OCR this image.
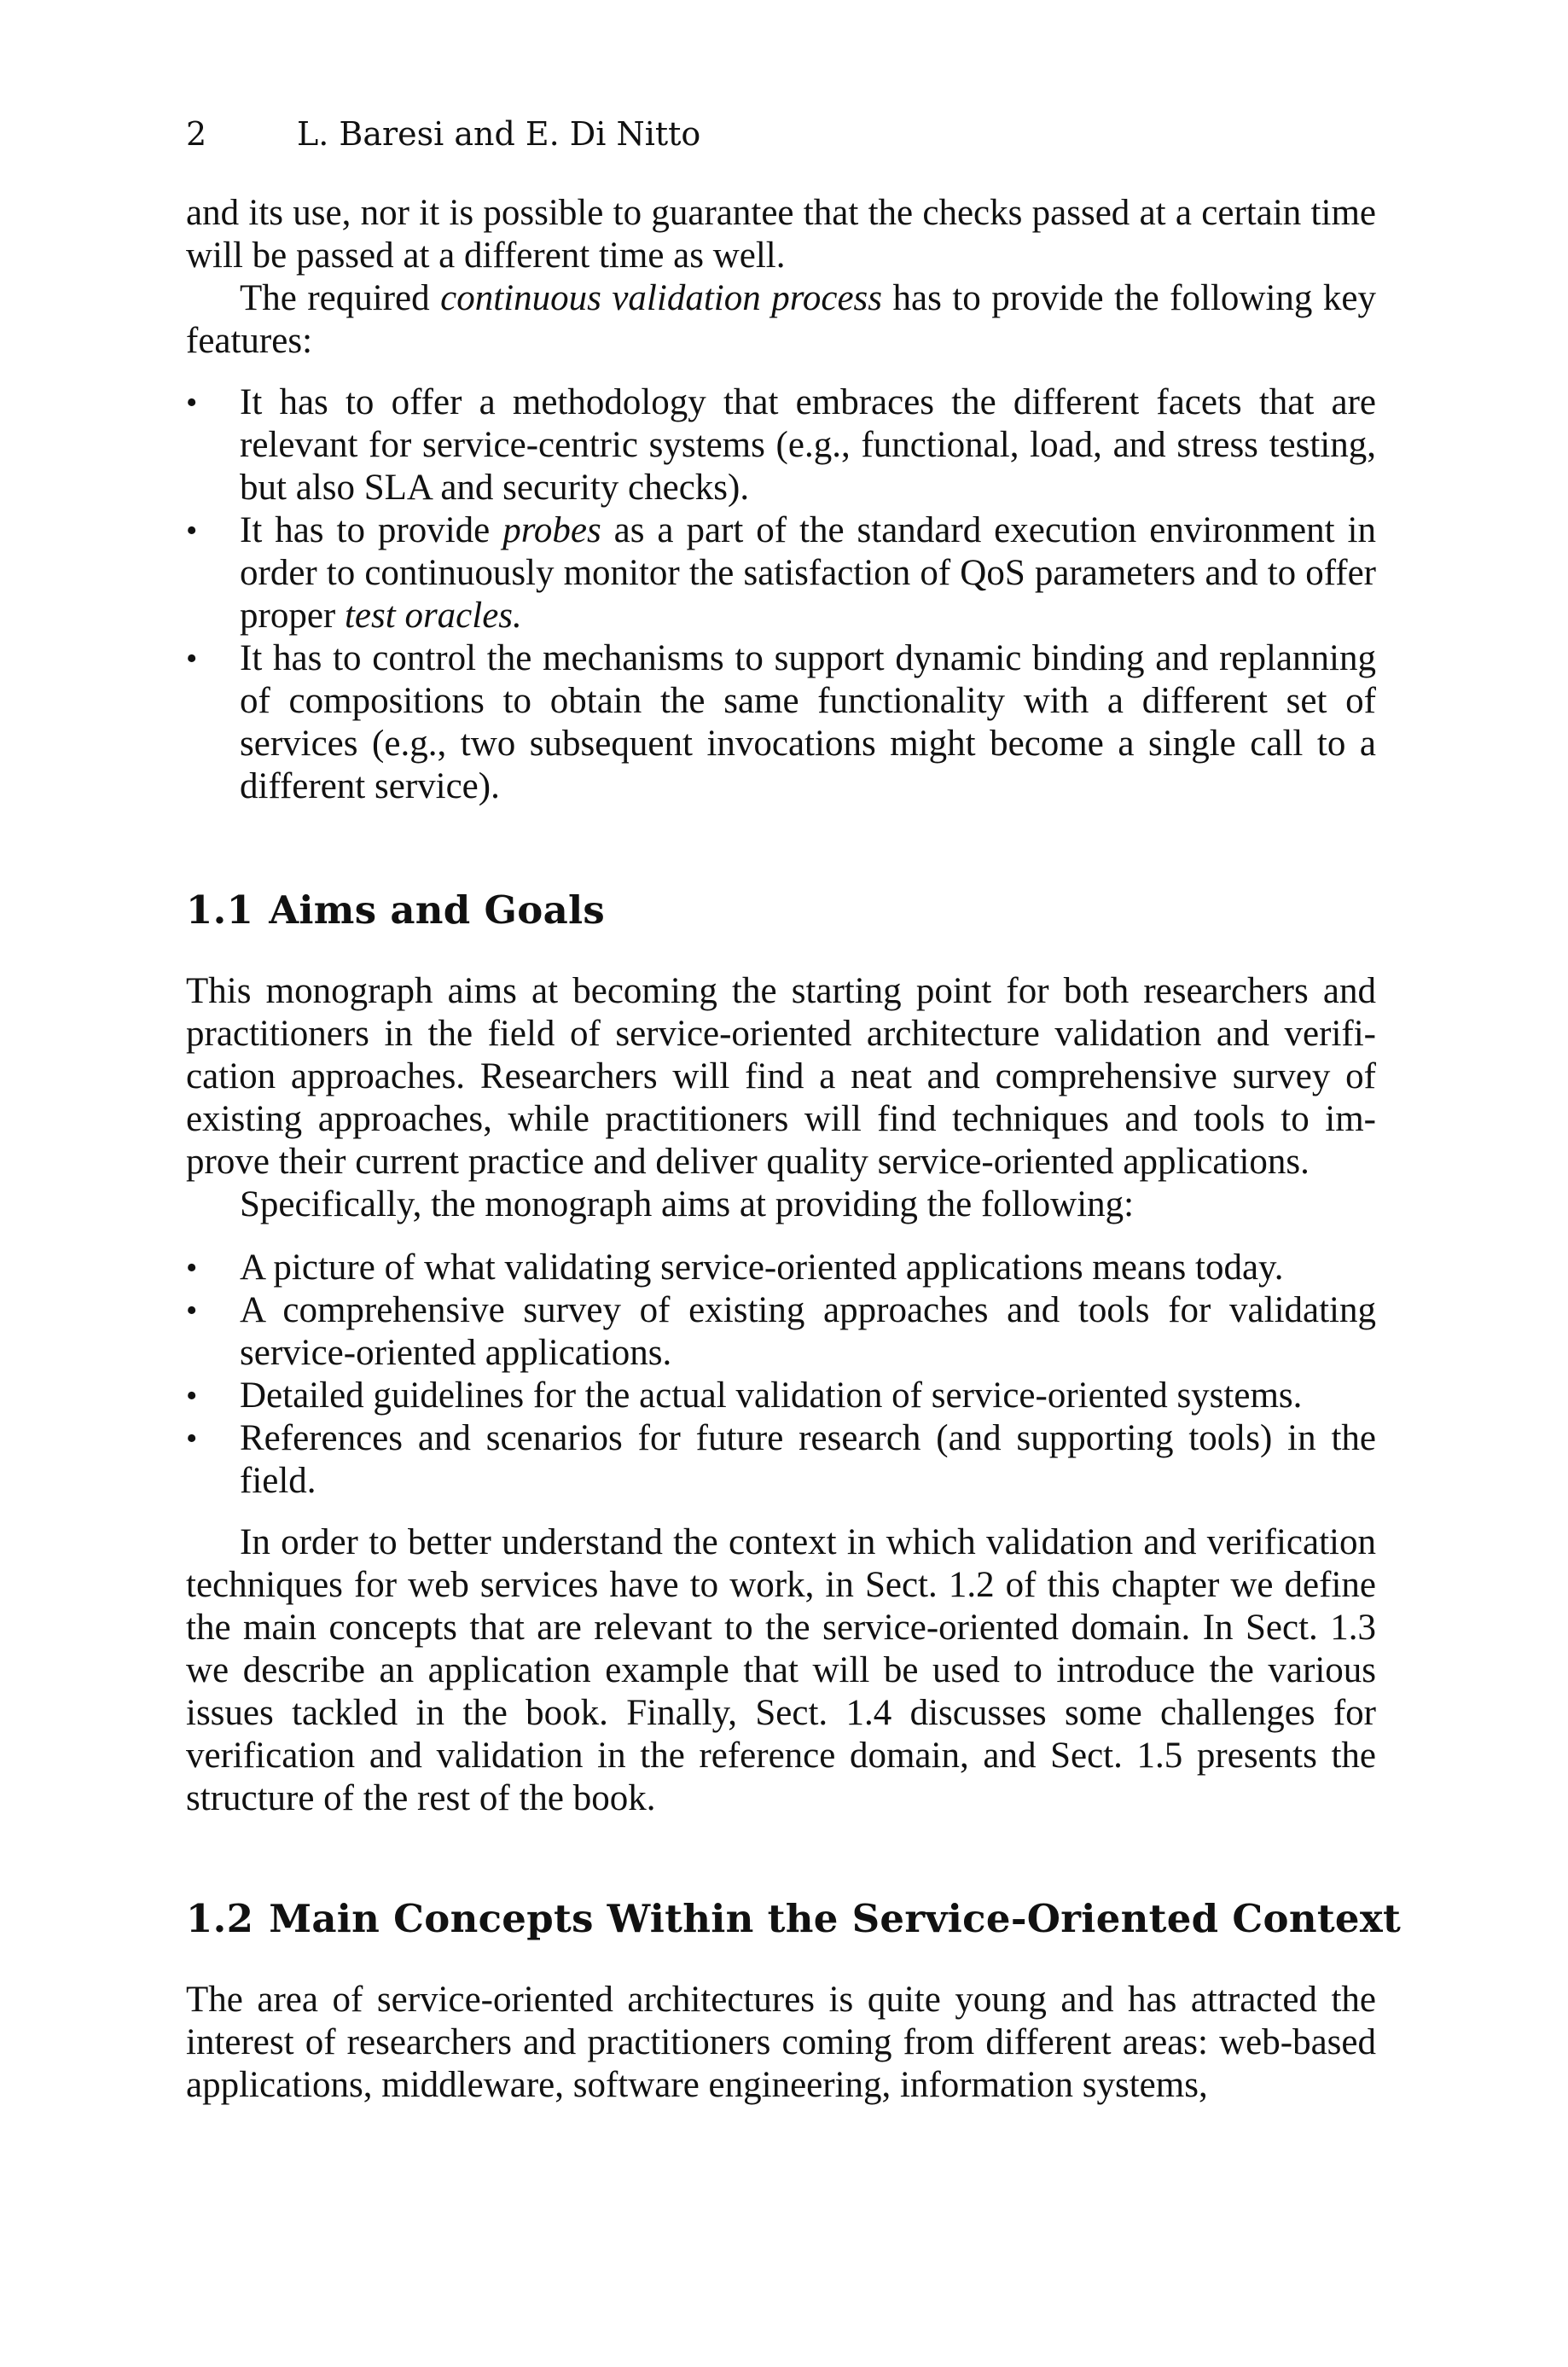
2	L. Baresi and E. Di Nitto

and its use, nor it is possible to guarantee that the checks passed at a certain time will be passed at a different time as well.

The required continuous validation process has to provide the following key features:

• It has to offer a methodology that embraces the different facets that are relevant for service-centric systems (e.g., functional, load, and stress testing, but also SLA and security checks).
• It has to provide probes as a part of the standard execution environment in order to continuously monitor the satisfaction of QoS parameters and to offer proper test oracles.
• It has to control the mechanisms to support dynamic binding and replanning of compositions to obtain the same functionality with a different set of services (e.g., two subsequent invocations might become a single call to a different service).
1.1 Aims and Goals

This monograph aims at becoming the starting point for both researchers and practitioners in the field of service-oriented architecture validation and verification approaches. Researchers will find a neat and comprehensive survey of existing approaches, while practitioners will find techniques and tools to improve their current practice and deliver quality service-oriented applications.

Specifically, the monograph aims at providing the following:

• A picture of what validating service-oriented applications means today.
• A comprehensive survey of existing approaches and tools for validating service-oriented applications.
• Detailed guidelines for the actual validation of service-oriented systems.
• References and scenarios for future research (and supporting tools) in the field.

In order to better understand the context in which validation and verification techniques for web services have to work, in Sect. 1.2 of this chapter we define the main concepts that are relevant to the service-oriented domain. In Sect. 1.3 we describe an application example that will be used to introduce the various issues tackled in the book. Finally, Sect. 1.4 discusses some challenges for verification and validation in the reference domain, and Sect. 1.5 presents the structure of the rest of the book.

1.2 Main Concepts Within the Service-Oriented Context

The area of service-oriented architectures is quite young and has attracted the interest of researchers and practitioners coming from different areas: web-based applications, middleware, software engineering, information systems,
